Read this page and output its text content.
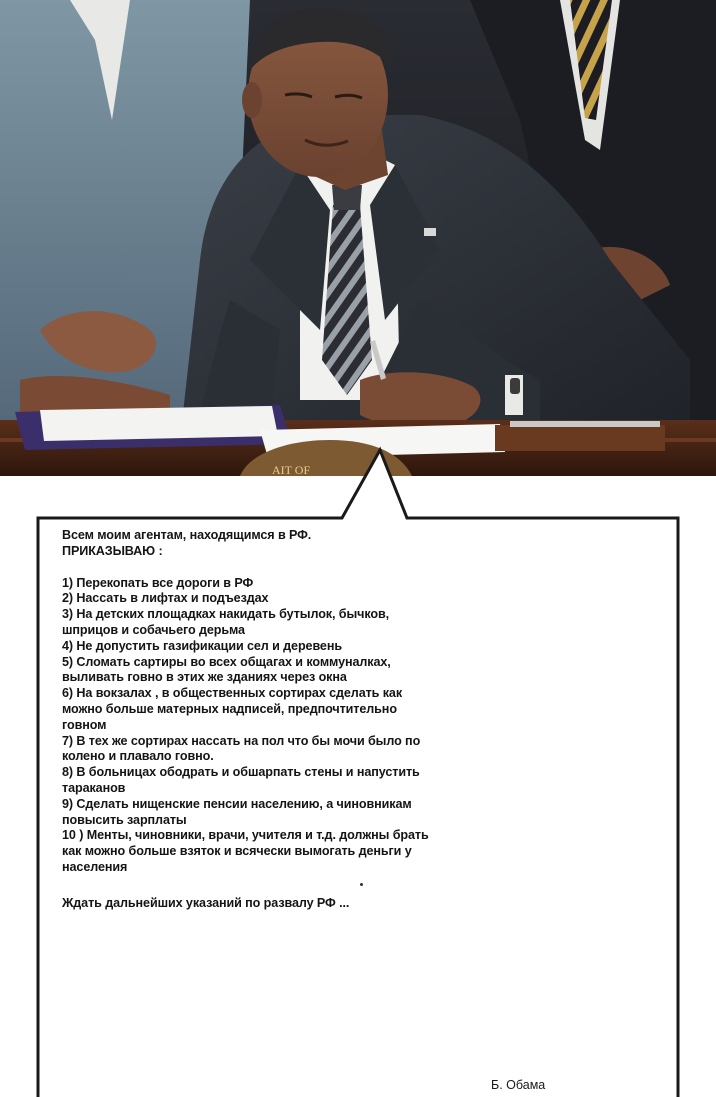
AIT OF
Всем моим агентам, находящимся в РФ.
ПРИКАЗЫВАЮ :
1) Перекопать все дороги в РФ
2) Нассать в лифтах и подъездах
3) На детских площадках накидать бутылок, бычков,
шприцов и собачьего дерьма
4) Не допустить газификации сел и деревень
5) Сломать сартиры во всех общагах и коммуналках,
выливать говно в этих же зданиях через окна
6) На вокзалах , в общественных сортирах сделать как
можно больше матерных надписей, предпочтительно
говном
7) В тех же сортирах нассать на пол что бы мочи было по
колено и плавало говно.
8) В больницах ободрать и обшарпать стены и напустить
тараканов
9) Сделать нищенские пенсии населению, а чиновникам
повысить зарплаты
10 ) Менты, чиновники, врачи, учителя и т.д. должны брать
как можно больше взяток и всячески вымогать деньги у
населения
Ждать дальнейших указаний по развалу РФ ...
Б. Обама
